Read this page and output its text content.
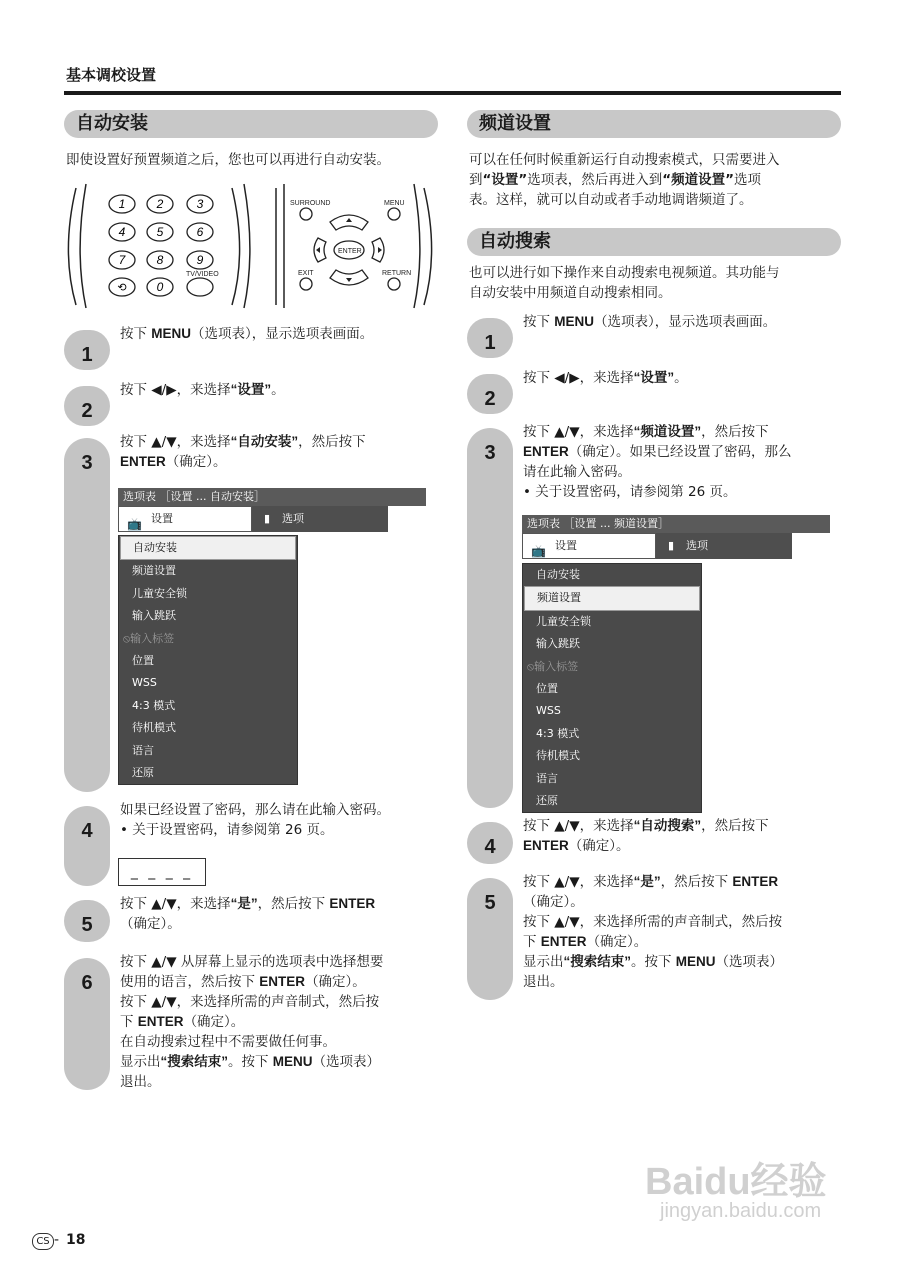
基本调校设置
自动安装
即使设置好预置频道之后，您也可以再进行自动安装。
1	2	3
4	5	6
7	8	9
0
⟲
SURROUND	MENU
ENTER
EXIT	RETURN
TV/VIDEO
1
按下 MENU（选项表），显示选项表画面。
2
按下 ◀/▶，来选择“设置”。
3
按下 ▲/▼，来选择“自动安装”，然后按下
ENTER（确定）。
4
如果已经设置了密码，那么请在此输入密码。
• 关于设置密码，请参阅第 26 页。
5
按下 ▲/▼，来选择“是”，然后按下 ENTER
（确定）。
6
按下 ▲/▼ 从屏幕上显示的选项表中选择想要
使用的语言，然后按下 ENTER（确定）。
按下 ▲/▼，来选择所需的声音制式，然后按
下 ENTER（确定）。
在自动搜索过程中不需要做任何事。
显示出“搜索结束”。按下 MENU（选项表）
退出。
选项表 ［设置 ... 自动安装］
📺 设置	▮ 选项
自动安装
频道设置
儿童安全锁
输入跳跃
⦸输入标签
位置
WSS
4:3 模式
待机模式
语言
还原
_ _ _ _
频道设置
可以在任何时候重新运行自动搜索模式，只需要进入
到“设置”选项表，然后再进入到“频道设置”选项
表。这样，就可以自动或者手动地调谐频道了。
自动搜索
也可以进行如下操作来自动搜索电视频道。其功能与
自动安装中用频道自动搜索相同。
1
按下 MENU（选项表），显示选项表画面。
2
按下 ◀/▶，来选择“设置”。
3
按下 ▲/▼，来选择“频道设置”，然后按下
ENTER（确定）。如果已经设置了密码，那么
请在此输入密码。
• 关于设置密码，请参阅第 26 页。
4
按下 ▲/▼，来选择“自动搜索”，然后按下
ENTER（确定）。
5
按下 ▲/▼，来选择“是”，然后按下 ENTER
（确定）。
按下 ▲/▼，来选择所需的声音制式，然后按
下 ENTER（确定）。
显示出“搜索结束”。按下 MENU（选项表）
退出。
选项表 ［设置 ... 频道设置］
📺 设置	▮ 选项
自动安装
频道设置
儿童安全锁
输入跳跃
⦸输入标签
位置
WSS
4:3 模式
待机模式
语言
还原
CS - 18
Baidu经验
jingyan.baidu.com
